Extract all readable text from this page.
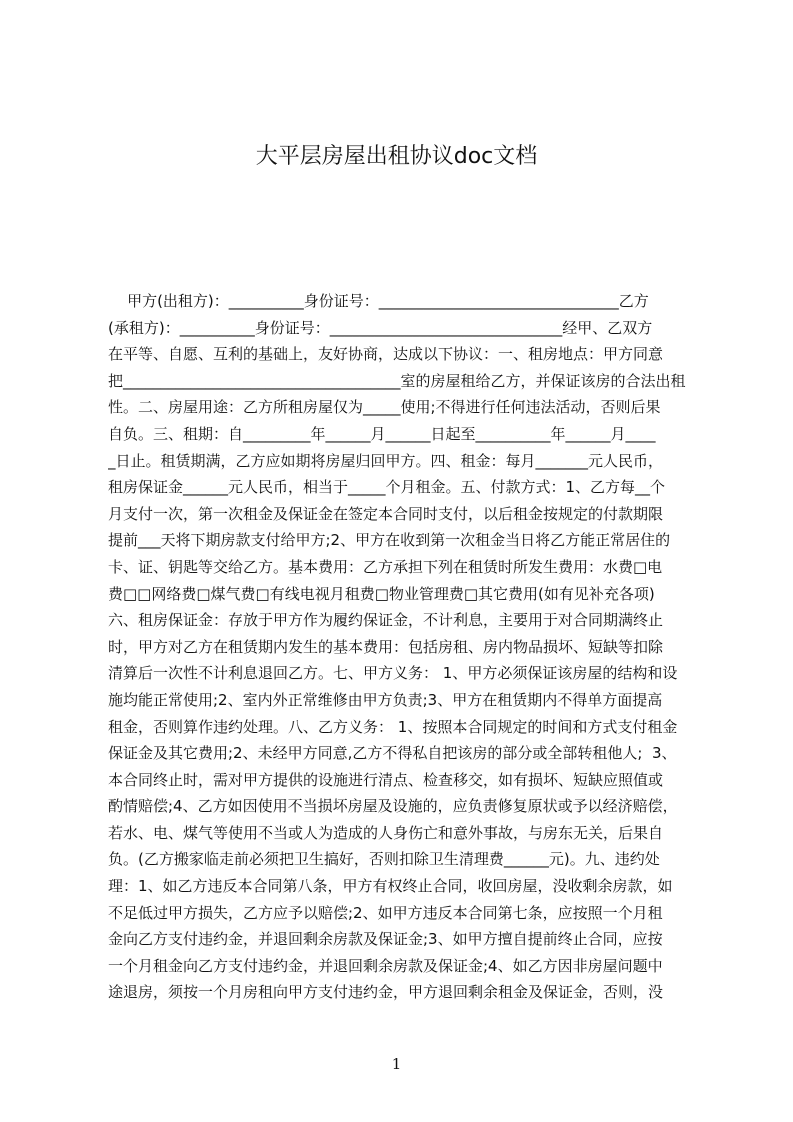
大平层房屋出租协议doc文档
甲方(出租方)：__________身份证号：________________________________乙方
(承租方)：__________身份证号：_______________________________经甲、乙双方
在平等、自愿、互利的基础上，友好协商，达成以下协议：一、租房地点：甲方同意
把_____________________________________室的房屋租给乙方，并保证该房的合法出租
性。二、房屋用途：乙方所租房屋仅为_____使用;不得进行任何违法活动，否则后果
自负。三、租期：自_________年______月______日起至__________年______月____
_日止。租赁期满，乙方应如期将房屋归回甲方。四、租金：每月_______元人民币，
租房保证金______元人民币，相当于_____个月租金。五、付款方式：1、乙方每__个
月支付一次，第一次租金及保证金在签定本合同时支付，以后租金按规定的付款期限
提前___天将下期房款支付给甲方;2、甲方在收到第一次租金当日将乙方能正常居住的
卡、证、钥匙等交给乙方。基本费用：乙方承担下列在租赁时所发生费用：水费□电
费□□网络费□煤气费□有线电视月租费□物业管理费□其它费用(如有见补充各项)
六、租房保证金：存放于甲方作为履约保证金，不计利息，主要用于对合同期满终止
时，甲方对乙方在租赁期内发生的基本费用：包括房租、房内物品损坏、短缺等扣除
清算后一次性不计利息退回乙方。七、甲方义务： 1、甲方必须保证该房屋的结构和设
施均能正常使用;2、室内外正常维修由甲方负责;3、甲方在租赁期内不得单方面提高
租金，否则算作违约处理。八、乙方义务： 1、按照本合同规定的时间和方式支付租金
保证金及其它费用;2、未经甲方同意,乙方不得私自把该房的部分或全部转租他人;  3、
本合同终止时，需对甲方提供的设施进行清点、检查移交，如有损坏、短缺应照值或
酌情赔偿;4、乙方如因使用不当损坏房屋及设施的，应负责修复原状或予以经济赔偿，
若水、电、煤气等使用不当或人为造成的人身伤亡和意外事故，与房东无关，后果自
负。(乙方搬家临走前必须把卫生搞好，否则扣除卫生清理费______元)。九、违约处
理：1、如乙方违反本合同第八条，甲方有权终止合同，收回房屋，没收剩余房款，如
不足低过甲方损失，乙方应予以赔偿;2、如甲方违反本合同第七条，应按照一个月租
金向乙方支付违约金，并退回剩余房款及保证金;3、如甲方擅自提前终止合同，应按
一个月租金向乙方支付违约金，并退回剩余房款及保证金;4、如乙方因非房屋问题中
途退房，须按一个月房租向甲方支付违约金，甲方退回剩余租金及保证金，否则，没
1
